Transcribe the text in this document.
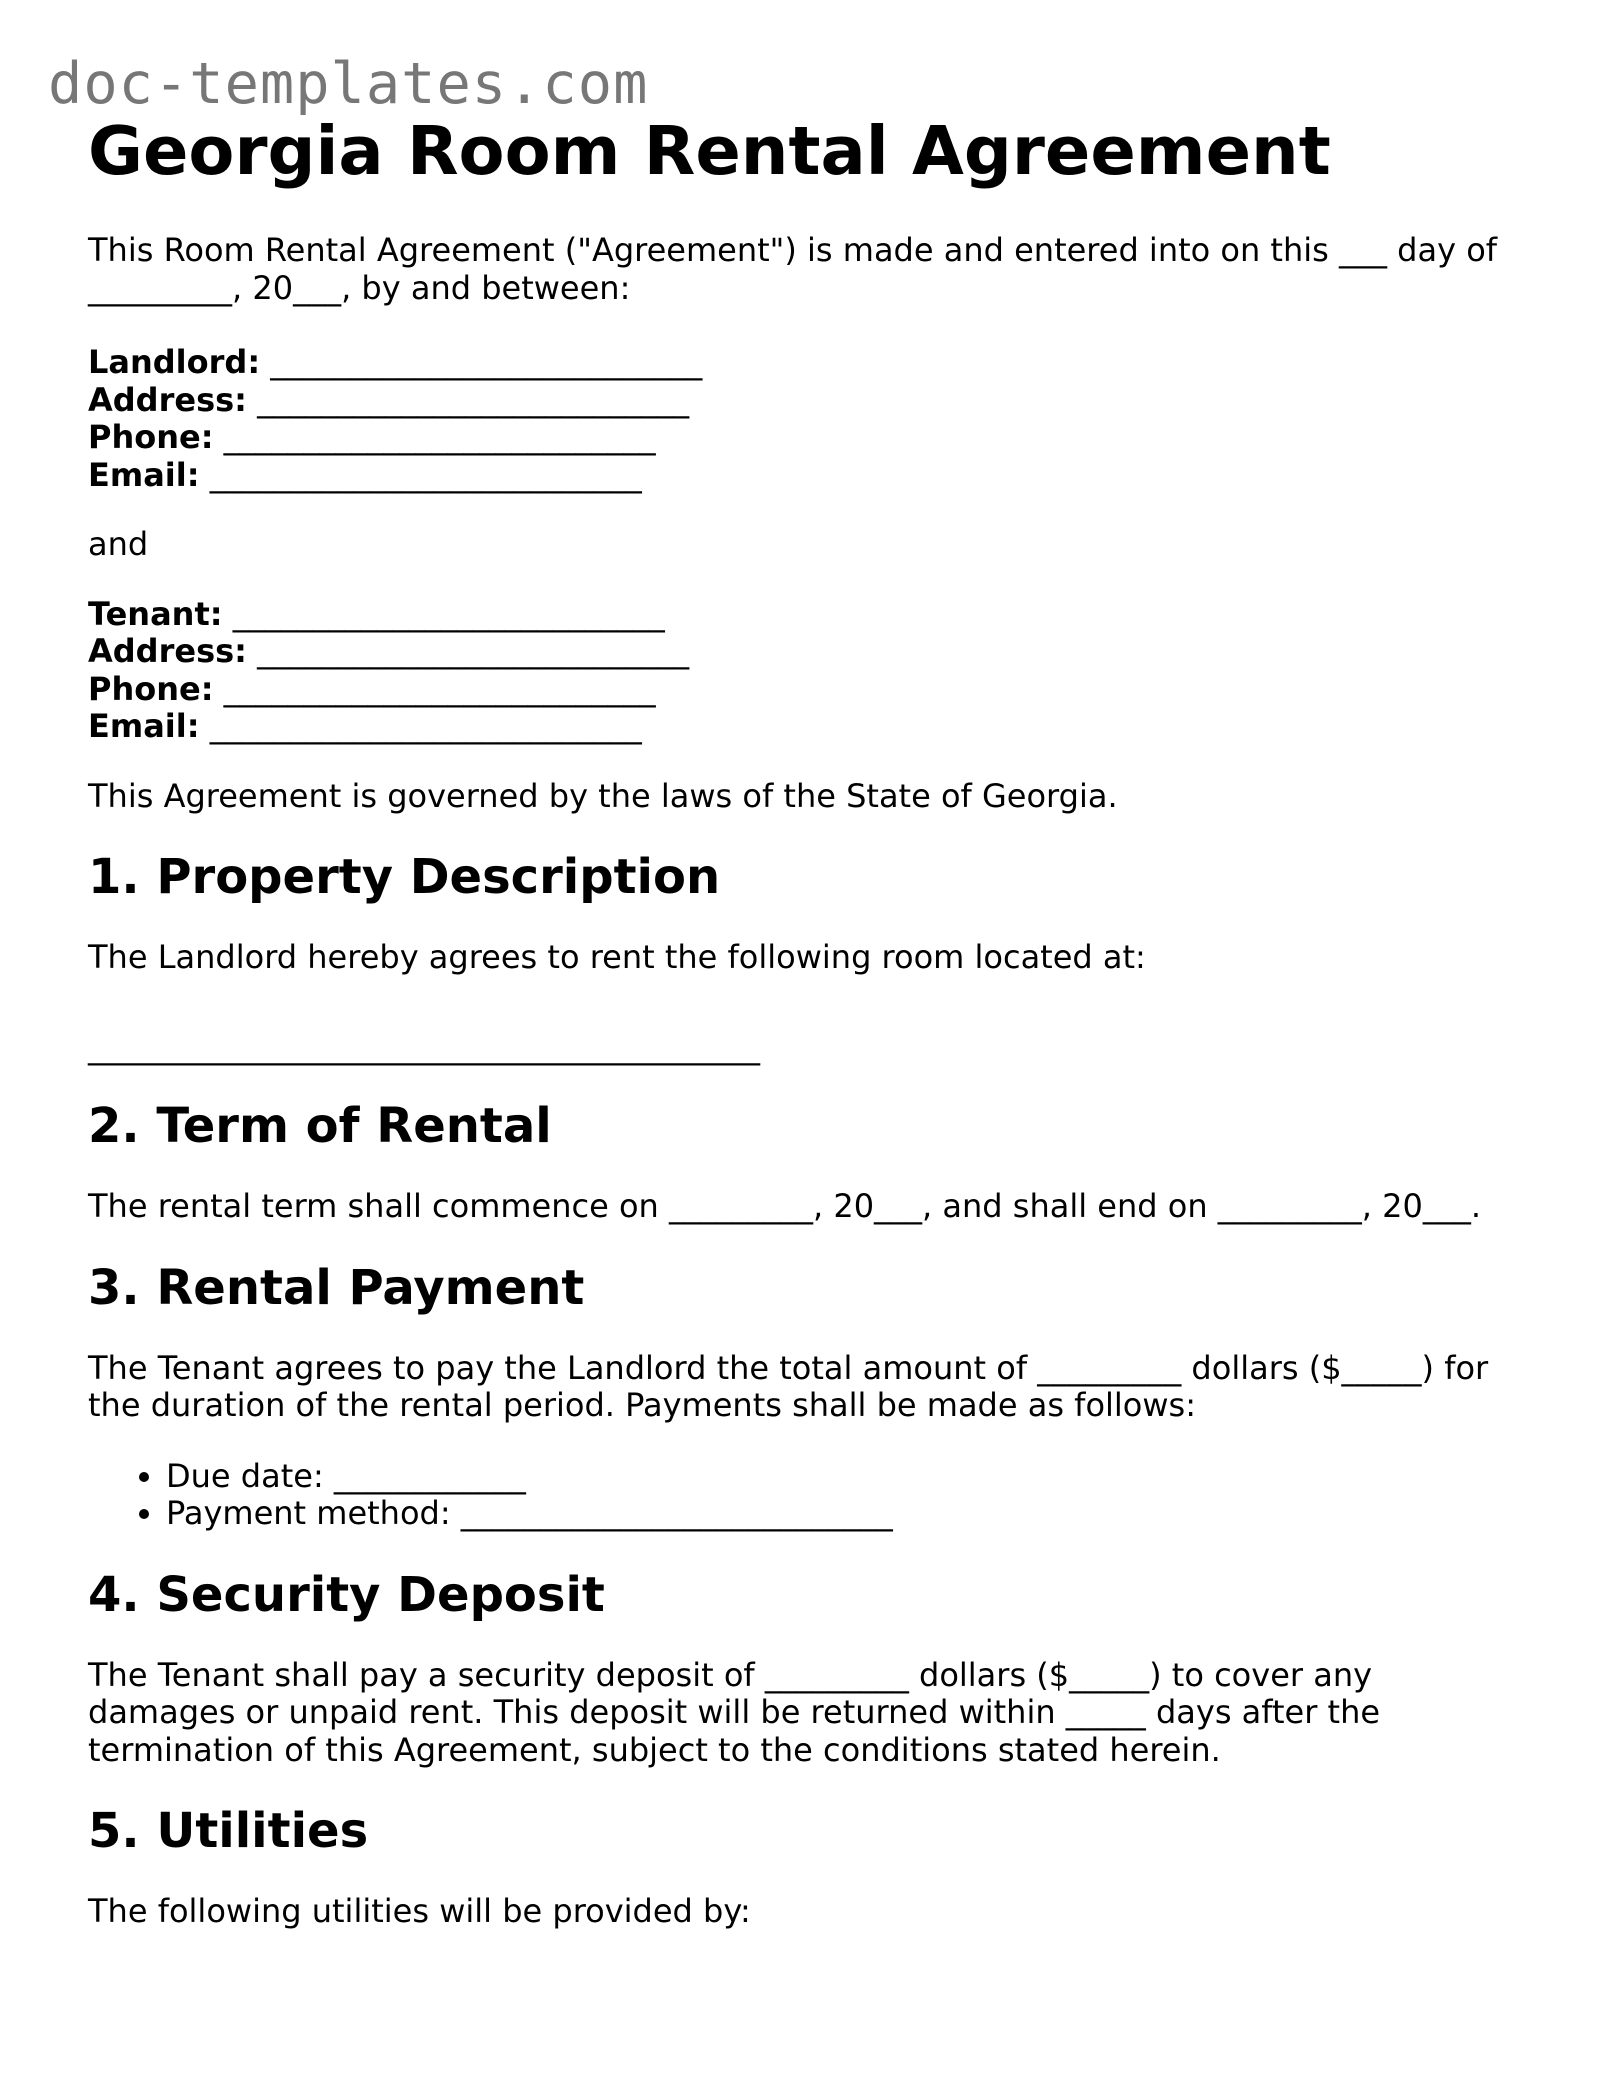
doc-templates.com
Georgia Room Rental Agreement

This Room Rental Agreement ("Agreement") is made and entered into on this ___ day of
_________, 20___, by and between:

Landlord: ___________________________
Address: ___________________________
Phone: ___________________________
Email: ___________________________

and

Tenant: ___________________________
Address: ___________________________
Phone: ___________________________
Email: ___________________________

This Agreement is governed by the laws of the State of Georgia.

1. Property Description

The Landlord hereby agrees to rent the following room located at:

__________________________________________

2. Term of Rental

The rental term shall commence on _________, 20___, and shall end on _________, 20___.

3. Rental Payment

The Tenant agrees to pay the Landlord the total amount of _________ dollars ($_____) for
the duration of the rental period. Payments shall be made as follows:

• Due date: ____________
• Payment method: ___________________________
4. Security Deposit

The Tenant shall pay a security deposit of _________ dollars ($_____) to cover any
damages or unpaid rent. This deposit will be returned within _____ days after the
termination of this Agreement, subject to the conditions stated herein.

5. Utilities

The following utilities will be provided by:
